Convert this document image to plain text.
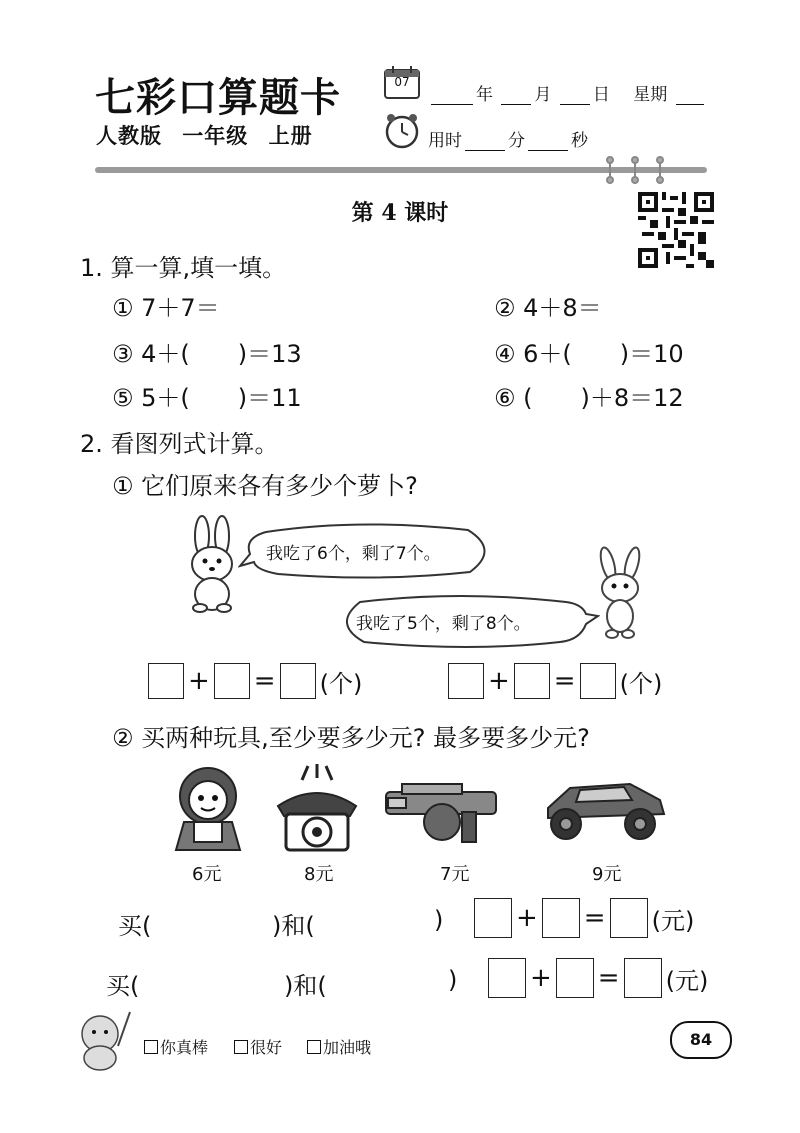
七彩口算题卡
人教版 一年级 上册
07
年 月 日 星期
用时	分	秒
第 4 课时
1. 算一算,填一填。
① 7＋7＝	② 4＋8＝
③ 4＋(　　)＝13	④ 6＋(　　)＝10
⑤ 5＋(　　)＝11	⑥ (　　)＋8＝12
2. 看图列式计算。
① 它们原来各有多少个萝卜?
我吃了6个，剩了7个。
我吃了5个，剩了8个。
+ = (个)	+ = (个)
② 买两种玩具,至少要多少元? 最多要多少元?
6元	8元	7元	9元
买(	)和(	)	+ = (元)
买(	)和(	)	+ = (元)
你真棒	很好	加油哦	84
